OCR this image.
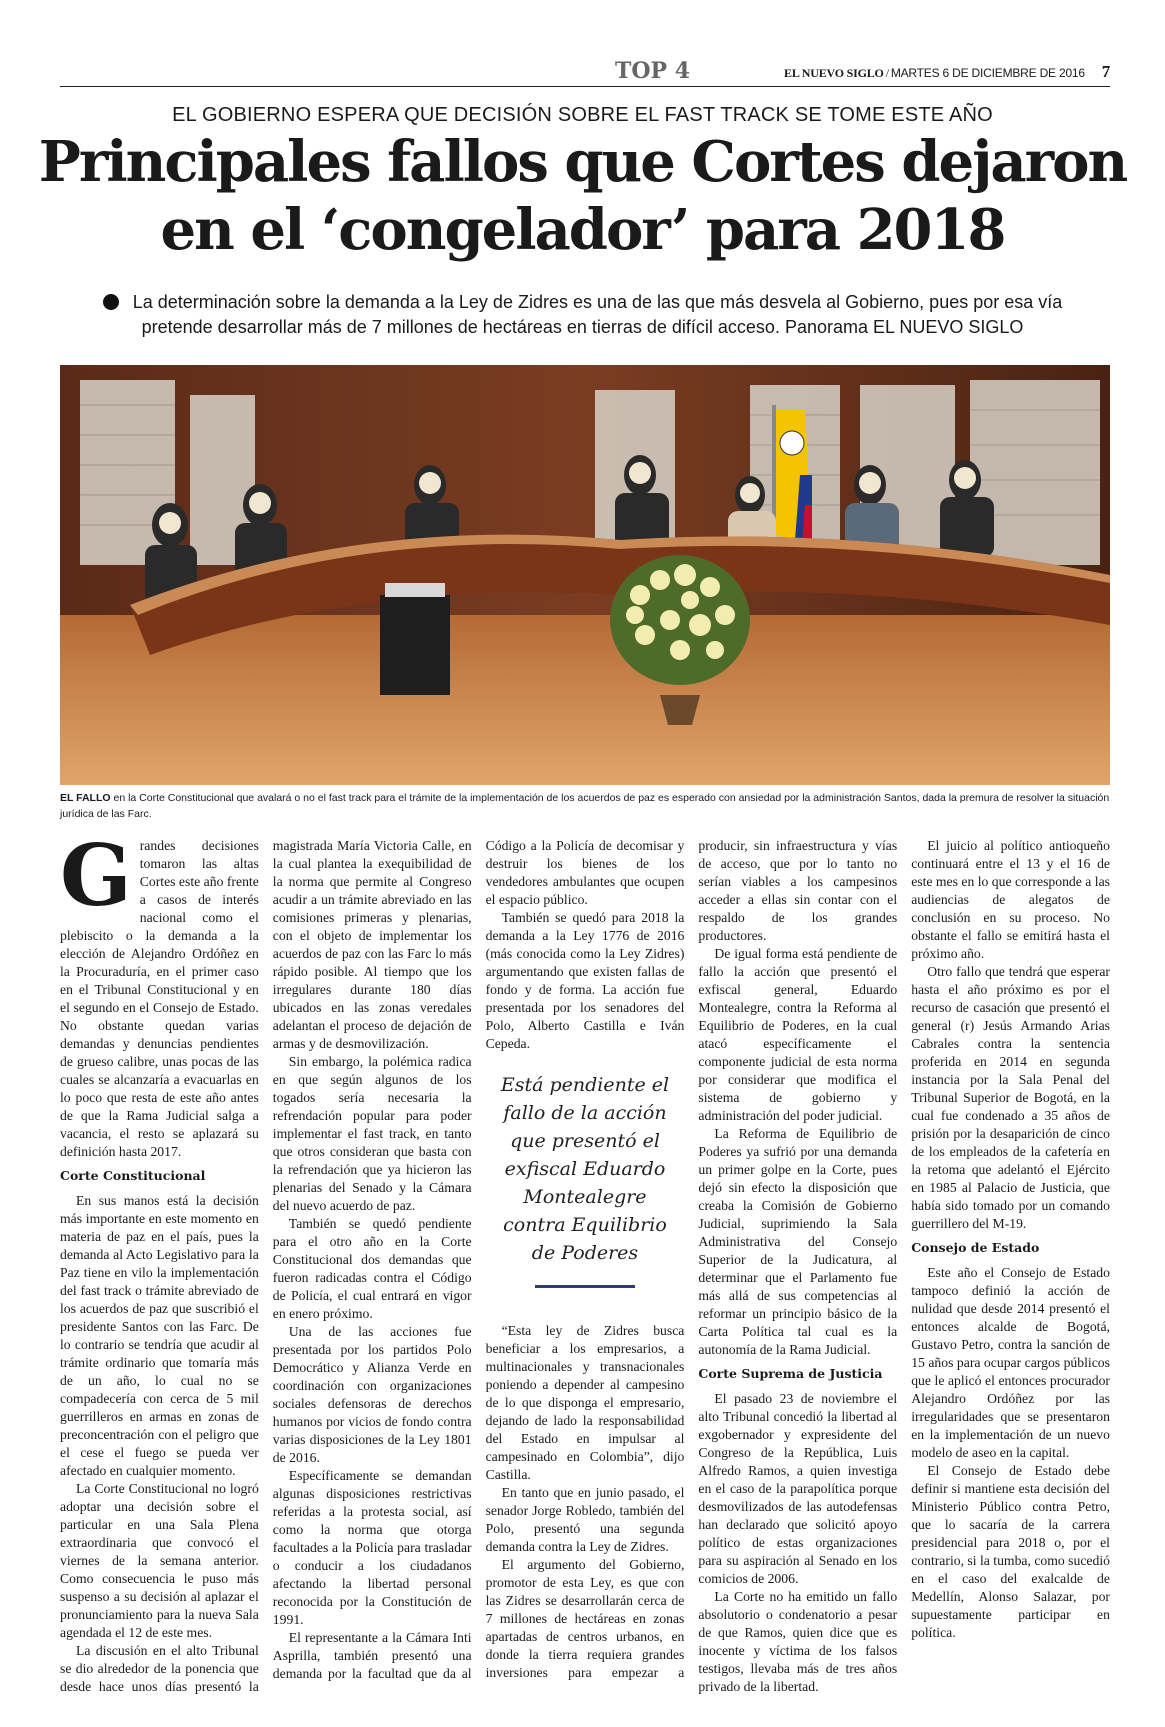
TOP 4	EL NUEVO SIGLO / MARTES 6 DE DICIEMBRE DE 2016 7
EL GOBIERNO ESPERA QUE DECISIÓN SOBRE EL FAST TRACK SE TOME ESTE AÑO
Principales fallos que Cortes dejaron
en el ‘congelador’ para 2018
La determinación sobre la demanda a la Ley de Zidres es una de las que más desvela al Gobierno, pues por esa vía pretende desarrollar más de 7 millones de hectáreas en tierras de difícil acceso. Panorama EL NUEVO SIGLO
EL FALLO en la Corte Constitucional que avalará o no el fast track para el trámite de la implementación de los acuerdos de paz es esperado con ansiedad por la administración Santos, dada la premura de resolver la situación jurídica de las Farc.

Grandes decisiones tomaron las altas Cortes este año frente a casos de interés nacional como el plebiscito o la demanda a la elección de Alejandro Ordóñez en la Procuraduría, en el primer caso en el Tribunal Constitucional y en el segundo en el Consejo de Estado. No obstante quedan varias demandas y denuncias pendientes de grueso calibre, unas pocas de las cuales se alcanzaría a evacuarlas en lo poco que resta de este año antes de que la Rama Judicial salga a vacancia, el resto se aplazará su definición hasta 2017.

Corte Constitucional

En sus manos está la decisión más importante en este momento en materia de paz en el país, pues la demanda al Acto Legislativo para la Paz tiene en vilo la implementación del fast track o trámite abreviado de los acuerdos de paz que suscribió el presidente Santos con las Farc. De lo contrario se tendría que acudir al trámite ordinario que tomaría más de un año, lo cual no se compadecería con cerca de 5 mil guerrilleros en armas en zonas de preconcentración con el peligro que el cese el fuego se pueda ver afectado en cualquier momento.

La Corte Constitucional no logró adoptar una decisión sobre el particular en una Sala Plena extraordinaria que convocó el viernes de la semana anterior. Como consecuencia le puso más suspenso a su decisión al aplazar el pronunciamiento para la nueva Sala agendada el 12 de este mes.

La discusión en el alto Tribunal se dio alrededor de la ponencia que desde hace unos días presentó la magistrada María Victoria Calle, en la cual plantea la exequibilidad de la norma que permite al Congreso acudir a un trámite abreviado en las comisiones primeras y plenarias, con el objeto de implementar los acuerdos de paz con las Farc lo más rápido posible. Al tiempo que los irregulares durante 180 días ubicados en las zonas veredales adelantan el proceso de dejación de armas y de desmovilización.

Sin embargo, la polémica radica en que según algunos de los togados sería necesaria la refrendación popular para poder implementar el fast track, en tanto que otros consideran que basta con la refrendación que ya hicieron las plenarias del Senado y la Cámara del nuevo acuerdo de paz.

También se quedó pendiente para el otro año en la Corte Constitucional dos demandas que fueron radicadas contra el Código de Policía, el cual entrará en vigor en enero próximo.

Una de las acciones fue presentada por los partidos Polo Democrático y Alianza Verde en coordinación con organizaciones sociales defensoras de derechos humanos por vicios de fondo contra varias disposiciones de la Ley 1801 de 2016.

Específicamente se demandan algunas disposiciones restrictivas referidas a la protesta social, así como la norma que otorga facultades a la Policía para trasladar o conducir a los ciudadanos afectando la libertad personal reconocida por la Constitución de 1991.

El representante a la Cámara Inti Asprilla, también presentó una demanda por la facultad que da al Código a la Policía de decomisar y destruir los bienes de los vendedores ambulantes que ocupen el espacio público.

También se quedó para 2018 la demanda a la Ley 1776 de 2016 (más conocida como la Ley Zidres) argumentando que existen fallas de fondo y de forma. La acción fue presentada por los senadores del Polo, Alberto Castilla e Iván Cepeda.

Está pendiente el fallo de la acción que presentó el exfiscal Eduardo Montealegre contra Equilibrio de Poderes

“Esta ley de Zidres busca beneficiar a los empresarios, a multinacionales y transnacionales poniendo a depender al campesino de lo que disponga el empresario, dejando de lado la responsabilidad del Estado en impulsar al campesinado en Colombia”, dijo Castilla.

En tanto que en junio pasado, el senador Jorge Robledo, también del Polo, presentó una segunda demanda contra la Ley de Zidres.

El argumento del Gobierno, promotor de esta Ley, es que con las Zidres se desarrollarán cerca de 7 millones de hectáreas en zonas apartadas de centros urbanos, en donde la tierra requiera grandes inversiones para empezar a producir, sin infraestructura y vías de acceso, que por lo tanto no serían viables a los campesinos acceder a ellas sin contar con el respaldo de los grandes productores.

De igual forma está pendiente de fallo la acción que presentó el exfiscal general, Eduardo Montealegre, contra la Reforma al Equilibrio de Poderes, en la cual atacó específicamente el componente judicial de esta norma por considerar que modifica el sistema de gobierno y administración del poder judicial.

La Reforma de Equilibrio de Poderes ya sufrió por una demanda un primer golpe en la Corte, pues dejó sin efecto la disposición que creaba la Comisión de Gobierno Judicial, suprimiendo la Sala Administrativa del Consejo Superior de la Judicatura, al determinar que el Parlamento fue más allá de sus competencias al reformar un principio básico de la Carta Política tal cual es la autonomía de la Rama Judicial.

Corte Suprema de Justicia

El pasado 23 de noviembre el alto Tribunal concedió la libertad al exgobernador y expresidente del Congreso de la República, Luis Alfredo Ramos, a quien investiga en el caso de la parapolítica porque desmovilizados de las autodefensas han declarado que solicitó apoyo político de estas organizaciones para su aspiración al Senado en los comicios de 2006.

La Corte no ha emitido un fallo absolutorio o condenatorio a pesar de que Ramos, quien dice que es inocente y víctima de los falsos testigos, llevaba más de tres años privado de la libertad.

El juicio al político antioqueño continuará entre el 13 y el 16 de este mes en lo que corresponde a las audiencias de alegatos de conclusión en su proceso. No obstante el fallo se emitirá hasta el próximo año.

Otro fallo que tendrá que esperar hasta el año próximo es por el recurso de casación que presentó el general (r) Jesús Armando Arias Cabrales contra la sentencia proferida en 2014 en segunda instancia por la Sala Penal del Tribunal Superior de Bogotá, en la cual fue condenado a 35 años de prisión por la desaparición de cinco de los empleados de la cafetería en la retoma que adelantó el Ejército en 1985 al Palacio de Justicia, que había sido tomado por un comando guerrillero del M-19.

Consejo de Estado

Este año el Consejo de Estado tampoco definió la acción de nulidad que desde 2014 presentó el entonces alcalde de Bogotá, Gustavo Petro, contra la sanción de 15 años para ocupar cargos públicos que le aplicó el entonces procurador Alejandro Ordóñez por las irregularidades que se presentaron en la implementación de un nuevo modelo de aseo en la capital.

El Consejo de Estado debe definir si mantiene esta decisión del Ministerio Público contra Petro, que lo sacaría de la carrera presidencial para 2018 o, por el contrario, si la tumba, como sucedió en el caso del exalcalde de Medellín, Alonso Salazar, por supuestamente participar en política.
